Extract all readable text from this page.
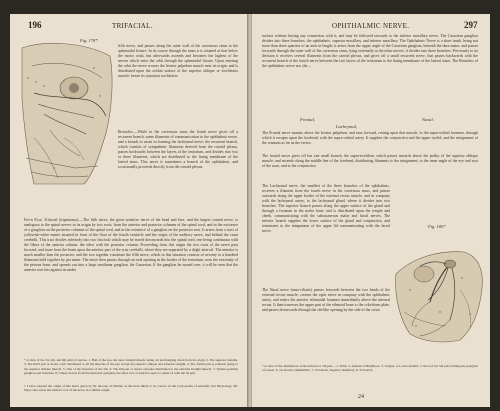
196	TRIFACIAL.
Fig. 178*

fifth nerve, and passes along the outer wall of the cavernous sinus to the sphenoidal fissure. In its course through the sinus it is situated at first below the motor oculi, but afterwards ascends and becomes the highest of the nerves which enter the orbit through the sphenoidal fissure. Upon entering the orbit the nerve crosses the levator palpebræ muscle near its origin, and is distributed upon the orbital surface of the superior oblique or trochlearis muscle; hence its synonym trochlearis.

Branches.—While in the cavernous sinus the fourth nerve gives off a recurrent branch, some filaments of communication to the ophthalmic nerve, and a branch to assist in forming the lachrymal nerve; the recurrent branch, which consists of sympathetic filaments derived from the carotid plexus, passes backwards between the layers of the tentorium, and divides into two or three filaments, which are distributed to the lining membrane of the lateral sinus. This nerve is sometimes a branch of the ophthalmic, and occasionally proceeds directly from the carotid plexus.

Fifth Pair. Trifacial (trigeminus).—The fifth nerve, the great sensitive nerve of the head and face, and the largest cranial nerve, is analogous to the spinal nerves in its origin by two roots, from the anterior and posterior columns of the spinal cord, and in the existence of a ganglion on the posterior columns of the spinal cord, and in the existence of a ganglion on the posterior root. It arises from a tract of yellowish-white matter situated in front of the floor of the fourth ventricle and the origin of the auditory nerve, and behind the crura cerebelli. This tract divides inferiorly into two fasciculi which may be traced downwards into the spinal cord, one being continuous with the fibres of the anterior column, the other with the posterior column. Proceeding from this origin the two roots of the nerve pass forward, and issue from the brain upon the anterior part of the crus cerebelli, where they are separated by a slight interval. The anterior is much smaller than the posterior, and the two together constitute the fifth nerve, which in this situation consists of seventy to a hundred filaments held together by pia mater. The nerve then passes through an oval opening in the border of the tentorium, near the extremity of the petrous bone, and spreads out into a large semilunar ganglion, the Casserian. If the ganglion be turned over, it will be seen that the anterior root lies against its under

* A view of the 3d, 4th, and 6th pairs of nerves. 1. Ball of the eye, the outer straight muscle being cut and hanging down from its origin. 2. The superior maxilla. 3. The third pair or motor oculi distributed to all the muscles of the eye except the superior oblique and external straight. 4. The fourth pair or pathetic going to the superior oblique muscle. 5. One of the branches of the 5th. 6. The 6th pair or motor externus distributed to the external straight muscle. 7. Spheno-palatine ganglion and branches. 8. Ciliary nerves from the lenticular ganglion, the short root of which is seen to connect it with the 3d pair.

† I have adopted the origin of this nerve given by Dr. Alcock, of Dublin, as the most likely to be correct, in the Cyclopædia of Anatomy and Physiology. Mr. Mayo also traces the anterior root of the nerve in a similar origin.

OPHTHALMIC NERVE.	297

surface without having any connection with it, and may be followed onwards to the inferior maxillary nerve. The Casserian ganglion divides into three branches, the ophthalmic, superior maxillary, and inferior maxillary. The Ophthalmic Nerve is a short trunk, being not more than three quarters of an inch in length; it arises from the upper angle of the Casserian ganglion, beneath the dura mater, and passes forwards through the outer wall of the cavernous sinus, lying externally to the other nerves; it divides into three branches. Previously to its division it receives several filaments from the carotid plexus, and gives off a small recurrent nerve, that passes backwards with the recurrent branch of the fourth nerve between the two layers of the tentorium to the lining membrane of the lateral sinus. The Branches of the ophthalmic nerve are, the—

Frontal,
Lachrymal,
Nasal.

The Frontal nerve mounts above the levator palpebræ, and runs forward, resting upon that muscle, to the supra-orbital foramen, through which it escapes upon the forehead, with the supra-orbital artery. It supplies the conjunctiva and the upper eyelid, and the integument of the cranium as far as the vertex.

The frontal nerve gives off but one small branch, the supra-trochlear, which passes inwards above the pulley of the superior oblique muscle, and ascends along the middle line of the forehead, distributing filaments to the integument, to the inner angle of the eye and root of the nose, and to the conjunctiva.

The Lachrymal nerve, the smallest of the three branches of the ophthalmic, receives a filament from the fourth nerve in the cavernous sinus, and passes outwards along the upper border of the external rectus muscle, and in company with the lachrymal artery, to the lachrymal gland, where it divides into two branches. The superior branch passes along the upper surface of the gland and through a foramen in the malar bone, and is distributed upon the temple and cheek, communicating with the subcutaneous malar and facial nerves. The inferior branch supplies the lower surface of the gland and conjunctiva, and terminates in the integument of the upper lid communicating with the facial nerve.

Fig. 180*

The Nasal nerve (naso-ciliaris) passes forwards between the two heads of the external rectus muscle, crosses the optic nerve in company with the ophthalmic artery, and enters the anterior ethmoidal foramen immediately above the internal rectus. It then traverses the upper part of the ethmoid bone to the cribriform plate, and passes downwards through the slit-like opening by the side of the crista

* A view of the distribution of the trifacial or 5th pair.—1. Orbit. 2. Antrum of Highmore. 3. Tongue. 4. Lower maxilla. 5. Root of the 5th pair forming the ganglion of Casser. 6. 1st branch, Ophthalmic. 7. 2d branch, Superior maxillary. 8. 3d branch.

24
